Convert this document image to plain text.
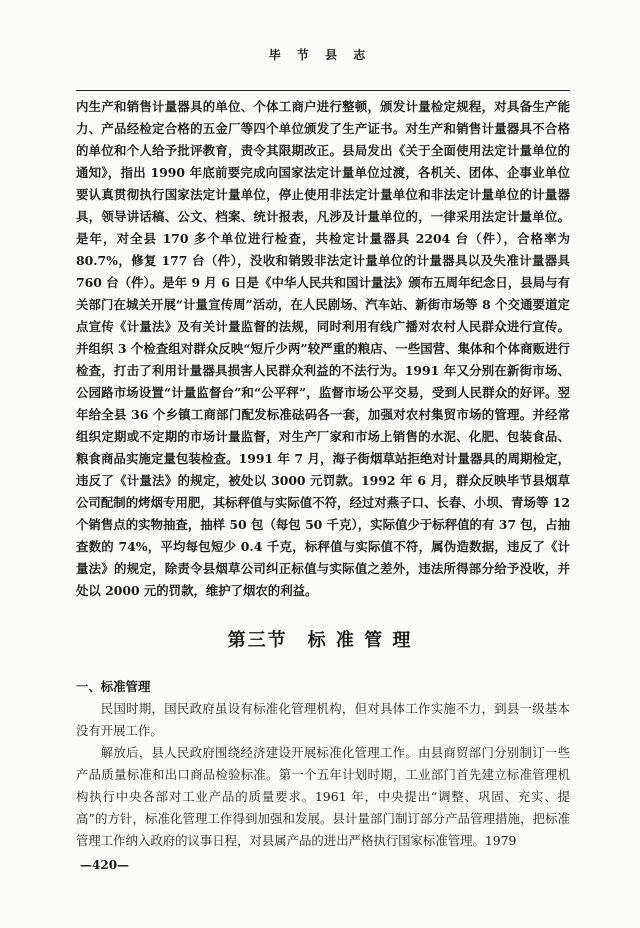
毕 节 县 志

内生产和销售计量器具的单位、个体工商户进行整顿，颁发计量检定规程，对具备生产能力、产品经检定合格的五金厂等四个单位颁发了生产证书。对生产和销售计量器具不合格的单位和个人给予批评教育，责令其限期改正。县局发出《关于全面使用法定计量单位的通知》，指出 1990 年底前要完成向国家法定计量单位过渡，各机关、团体、企事业单位要认真贯彻执行国家法定计量单位，停止使用非法定计量单位和非法定计量单位的计量器具，领导讲话稿、公文、档案、统计报表，凡涉及计量单位的，一律采用法定计量单位。是年，对全县 170 多个单位进行检查，共检定计量器具 2204 台（件），合格率为 80.7%，修复 177 台（件），没收和销毁非法定计量单位的计量器具以及失准计量器具 760 台（件）。是年 9 月 6 日是《中华人民共和国计量法》颁布五周年纪念日，县局与有关部门在城关开展“计量宣传周”活动，在人民剧场、汽车站、新街市场等 8 个交通要道定点宣传《计量法》及有关计量监督的法规，同时利用有线广播对农村人民群众进行宣传。并组织 3 个检查组对群众反映“短斤少两”较严重的粮店、一些国营、集体和个体商贩进行检查，打击了利用计量器具损害人民群众利益的不法行为。1991 年又分别在新街市场、公园路市场设置“计量监督台”和“公平秤”，监督市场公平交易，受到人民群众的好评。翌年给全县 36 个乡镇工商部门配发标准砝码各一套，加强对农村集贸市场的管理。并经常组织定期或不定期的市场计量监督，对生产厂家和市场上销售的水泥、化肥、包装食品、粮食商品实施定量包装检查。1991 年 7 月，海子街烟草站拒绝对计量器具的周期检定，违反了《计量法》的规定，被处以 3000 元罚款。1992 年 6 月，群众反映毕节县烟草公司配制的烤烟专用肥，其标秤值与实际值不符，经过对燕子口、长春、小坝、青场等 12 个销售点的实物抽查，抽样 50 包（每包 50 千克），实际值少于标秤值的有 37 包，占抽查数的 74%，平均每包短少 0.4 千克，标秤值与实际值不符，属伪造数据，违反了《计量法》的规定，除责令县烟草公司纠正标值与实际值之差外，违法所得部分给予没收，并处以 2000 元的罚款，维护了烟农的利益。

第三节 标 准 管 理
一、标准管理

民国时期，国民政府虽设有标准化管理机构，但对具体工作实施不力，到县一级基本没有开展工作。

解放后，县人民政府围绕经济建设开展标准化管理工作。由县商贸部门分别制订一些产品质量标准和出口商品检验标准。第一个五年计划时期，工业部门首先建立标准管理机构执行中央各部对工业产品的质量要求。1961 年，中央提出“调整、巩固、充实、提高”的方针，标准化管理工作得到加强和发展。县计量部门制订部分产品管理措施，把标准管理工作纳入政府的议事日程，对县属产品的进出严格执行国家标准管理。1979

—420—
